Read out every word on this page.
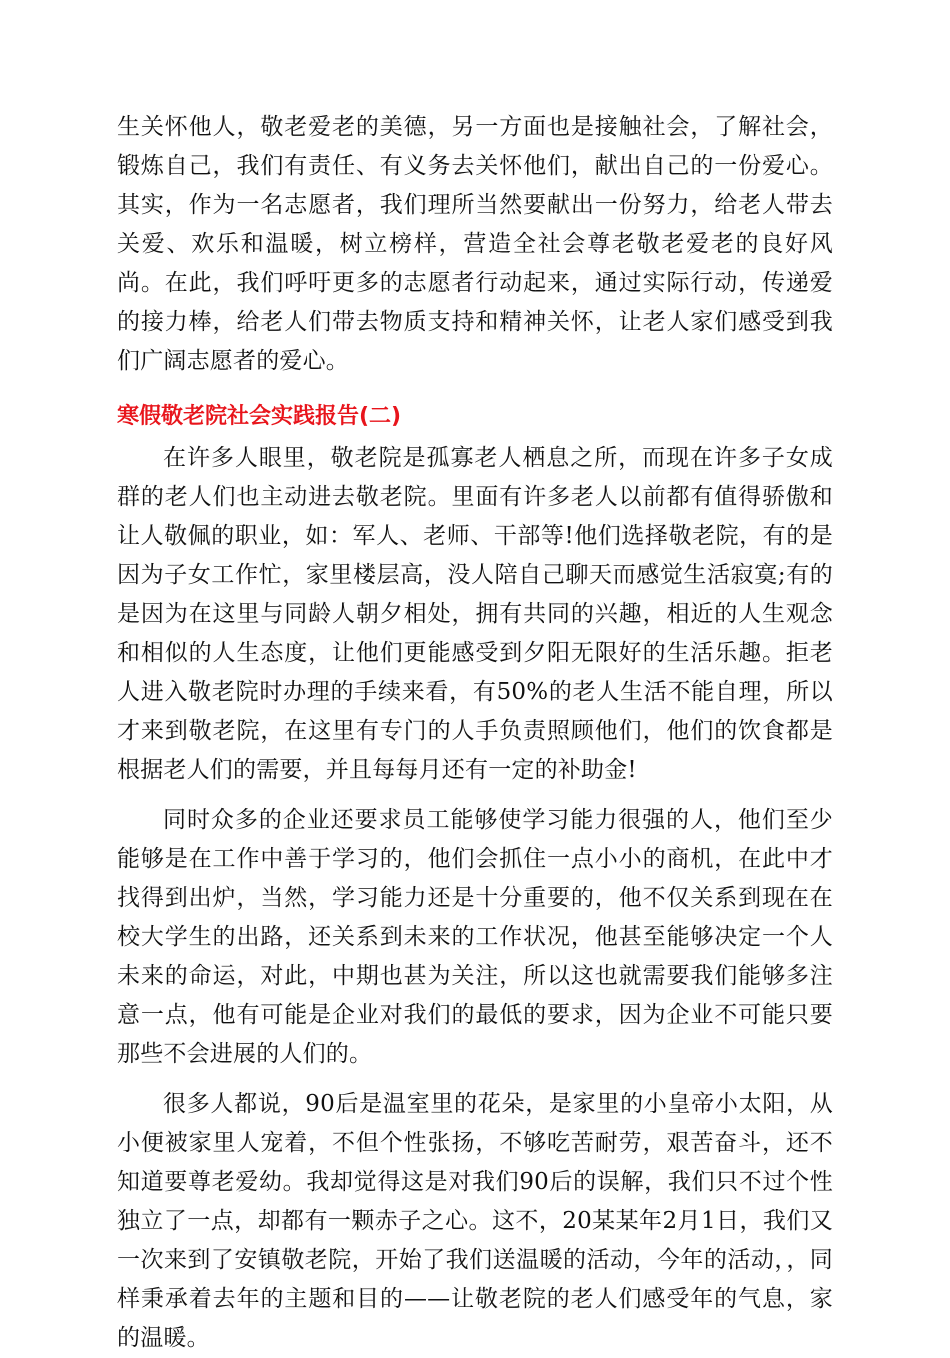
生关怀他人，敬老爱老的美德，另一方面也是接触社会，了解社会，锻炼自己，我们有责任、有义务去关怀他们，献出自己的一份爱心。其实，作为一名志愿者，我们理所当然要献出一份努力，给老人带去关爱、欢乐和温暖，树立榜样，营造全社会尊老敬老爱老的良好风尚。在此，我们呼吁更多的志愿者行动起来，通过实际行动，传递爱的接力棒，给老人们带去物质支持和精神关怀，让老人家们感受到我们广阔志愿者的爱心。

寒假敬老院社会实践报告(二)

在许多人眼里，敬老院是孤寡老人栖息之所，而现在许多子女成群的老人们也主动进去敬老院。里面有许多老人以前都有值得骄傲和让人敬佩的职业，如：军人、老师、干部等!他们选择敬老院，有的是因为子女工作忙，家里楼层高，没人陪自己聊天而感觉生活寂寞;有的是因为在这里与同龄人朝夕相处，拥有共同的兴趣，相近的人生观念和相似的人生态度，让他们更能感受到夕阳无限好的生活乐趣。拒老人进入敬老院时办理的手续来看，有50%的老人生活不能自理，所以才来到敬老院，在这里有专门的人手负责照顾他们，他们的饮食都是根据老人们的需要，并且每每月还有一定的补助金!

同时众多的企业还要求员工能够使学习能力很强的人，他们至少能够是在工作中善于学习的，他们会抓住一点小小的商机，在此中才找得到出炉，当然，学习能力还是十分重要的，他不仅关系到现在在校大学生的出路，还关系到未来的工作状况，他甚至能够决定一个人未来的命运，对此，中期也甚为关注，所以这也就需要我们能够多注意一点，他有可能是企业对我们的最低的要求，因为企业不可能只要那些不会进展的人们的。

很多人都说，90后是温室里的花朵，是家里的小皇帝小太阳，从小便被家里人宠着，不但个性张扬，不够吃苦耐劳，艰苦奋斗，还不知道要尊老爱幼。我却觉得这是对我们90后的误解，我们只不过个性独立了一点，却都有一颗赤子之心。这不，20某某年2月1日，我们又一次来到了安镇敬老院，开始了我们送温暖的活动，今年的活动，，同样秉承着去年的主题和目的——让敬老院的老人们感受年的气息，家的温暖。
